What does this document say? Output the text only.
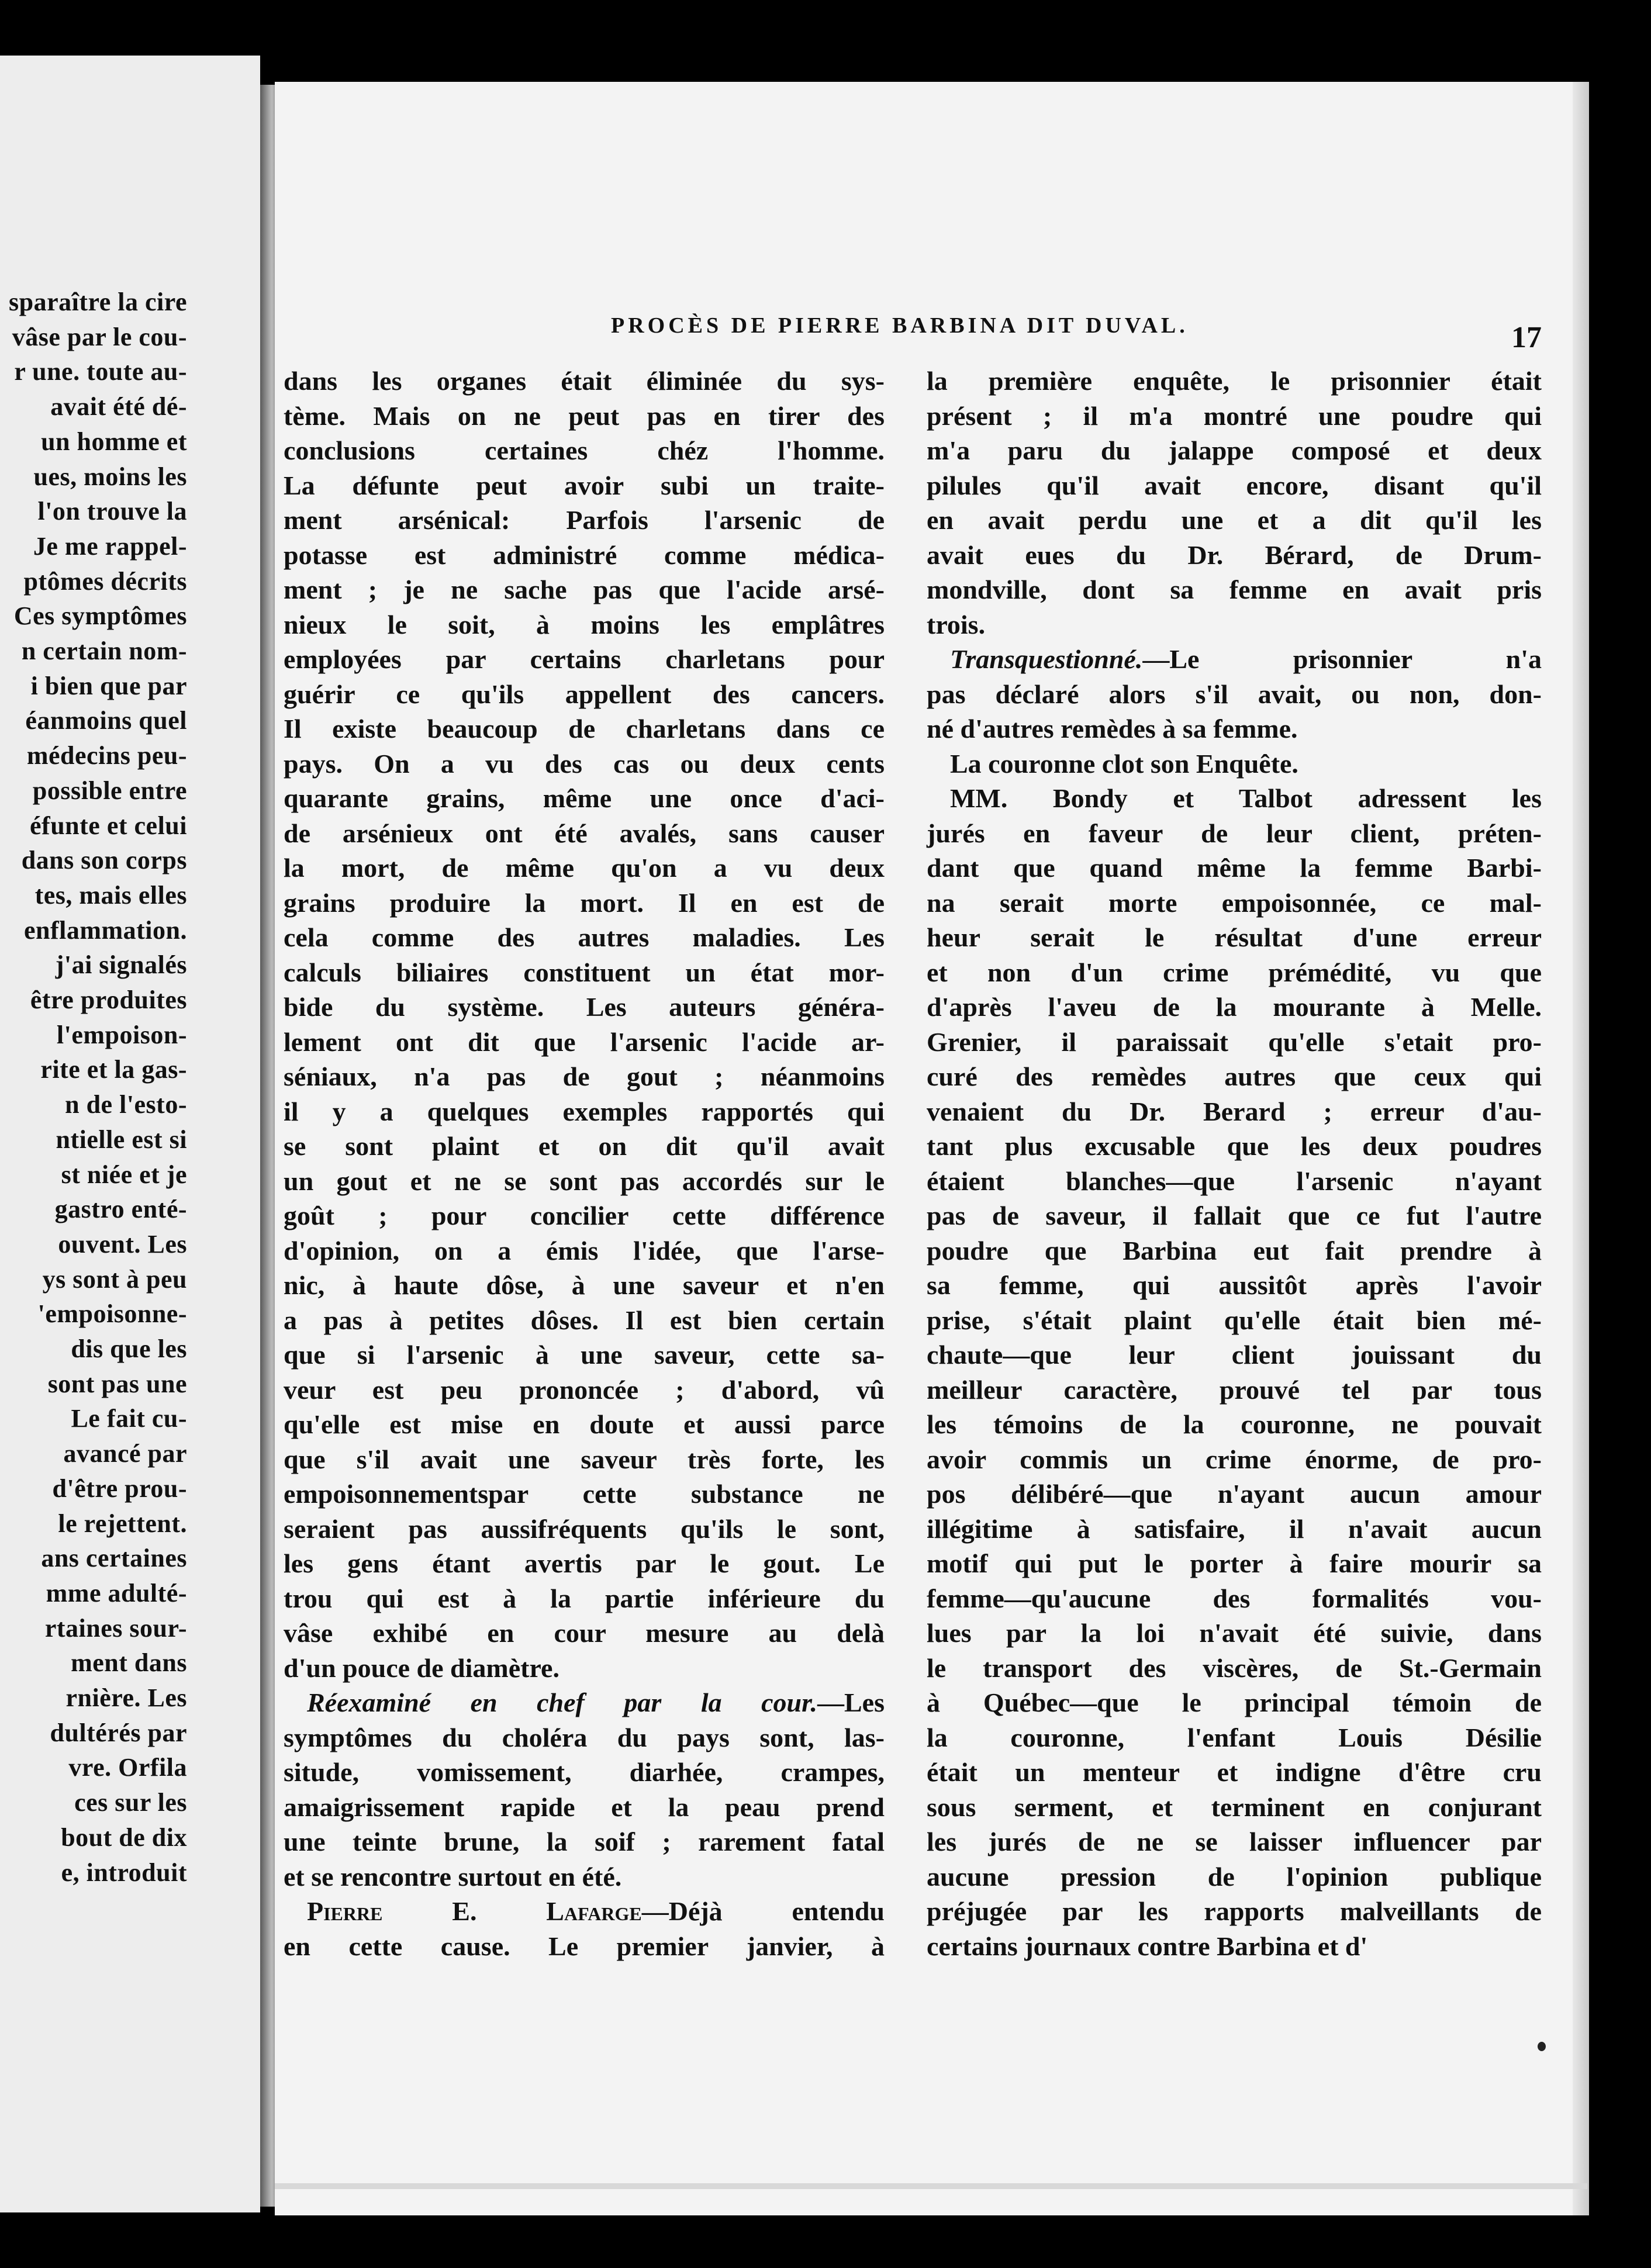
sparaître la cire
vâse par le cou-
r une. toute au-
avait été dé-
un homme et
ues, moins les
l'on trouve la
Je me rappel-
ptômes décrits
Ces symptômes
n certain nom-
i bien que par
éanmoins quel
médecins peu-
possible entre
éfunte et celui
dans son corps
tes, mais elles
enflammation.
j'ai signalés
être produites
l'empoison-
rite et la gas-
n de l'esto-
ntielle est si
st niée et je
gastro enté-
ouvent. Les
ys sont à peu
'empoisonne-
dis que les
sont pas une
Le fait cu-
avancé par
d'être prou-
le rejettent.
ans certaines
mme adulté-
rtaines sour-
ment dans
rnière. Les
dultérés par
vre. Orfila
ces sur les
bout de dix
e, introduit
PROCÈS DE PIERRE BARBINA DIT DUVAL.	17
dans les organes était éliminée du sys-
tème. Mais on ne peut pas en tirer des
conclusions certaines chéz l'homme.
La défunte peut avoir subi un traite-
ment arsénical: Parfois l'arsenic de
potasse est administré comme médica-
ment ; je ne sache pas que l'acide arsé-
nieux le soit, à moins les emplâtres
employées par certains charletans pour
guérir ce qu'ils appellent des cancers.
Il existe beaucoup de charletans dans ce
pays. On a vu des cas ou deux cents
quarante grains, même une once d'aci-
de arsénieux ont été avalés, sans causer
la mort, de même qu'on a vu deux
grains produire la mort. Il en est de
cela comme des autres maladies. Les
calculs biliaires constituent un état mor-
bide du système. Les auteurs généra-
lement ont dit que l'arsenic l'acide ar-
séniaux, n'a pas de gout ; néanmoins
il y a quelques exemples rapportés qui
se sont plaint et on dit qu'il avait
un gout et ne se sont pas accordés sur le
goût ; pour concilier cette différence
d'opinion, on a émis l'idée, que l'arse-
nic, à haute dôse, à une saveur et n'en
a pas à petites dôses. Il est bien certain
que si l'arsenic à une saveur, cette sa-
veur est peu prononcée ; d'abord, vû
qu'elle est mise en doute et aussi parce
que s'il avait une saveur très forte, les
empoisonnementspar cette substance ne
seraient pas aussifréquents qu'ils le sont,
les gens étant avertis par le gout. Le
trou qui est à la partie inférieure du
vâse exhibé en cour mesure au delà
d'un pouce de diamètre.
Réexaminé en chef par la cour.—Les
symptômes du choléra du pays sont, las-
situde, vomissement, diarhée, crampes,
amaigrissement rapide et la peau prend
une teinte brune, la soif ; rarement fatal
et se rencontre surtout en été.
Pierre E. Lafarge—Déjà entendu
en cette cause. Le premier janvier, à
la première enquête, le prisonnier était
présent ; il m'a montré une poudre qui
m'a paru du jalappe composé et deux
pilules qu'il avait encore, disant qu'il
en avait perdu une et a dit qu'il les
avait eues du Dr. Bérard, de Drum-
mondville, dont sa femme en avait pris
trois.
Transquestionné.—Le prisonnier n'a
pas déclaré alors s'il avait, ou non, don-
né d'autres remèdes à sa femme.
La couronne clot son Enquête.
MM. Bondy et Talbot adressent les
jurés en faveur de leur client, préten-
dant que quand même la femme Barbi-
na serait morte empoisonnée, ce mal-
heur serait le résultat d'une erreur
et non d'un crime prémédité, vu que
d'après l'aveu de la mourante à Melle.
Grenier, il paraissait qu'elle s'etait pro-
curé des remèdes autres que ceux qui
venaient du Dr. Berard ; erreur d'au-
tant plus excusable que les deux poudres
étaient blanches—que l'arsenic n'ayant
pas de saveur, il fallait que ce fut l'autre
poudre que Barbina eut fait prendre à
sa femme, qui aussitôt après l'avoir
prise, s'était plaint qu'elle était bien mé-
chaute—que leur client jouissant du
meilleur caractère, prouvé tel par tous
les témoins de la couronne, ne pouvait
avoir commis un crime énorme, de pro-
pos délibéré—que n'ayant aucun amour
illégitime à satisfaire, il n'avait aucun
motif qui put le porter à faire mourir sa
femme—qu'aucune des formalités vou-
lues par la loi n'avait été suivie, dans
le transport des viscères, de St.-Germain
à Québec—que le principal témoin de
la couronne, l'enfant Louis Désilie
était un menteur et indigne d'être cru
sous serment, et terminent en conjurant
les jurés de ne se laisser influencer par
aucune pression de l'opinion publique
préjugée par les rapports malveillants de
certains journaux contre Barbina et d'
